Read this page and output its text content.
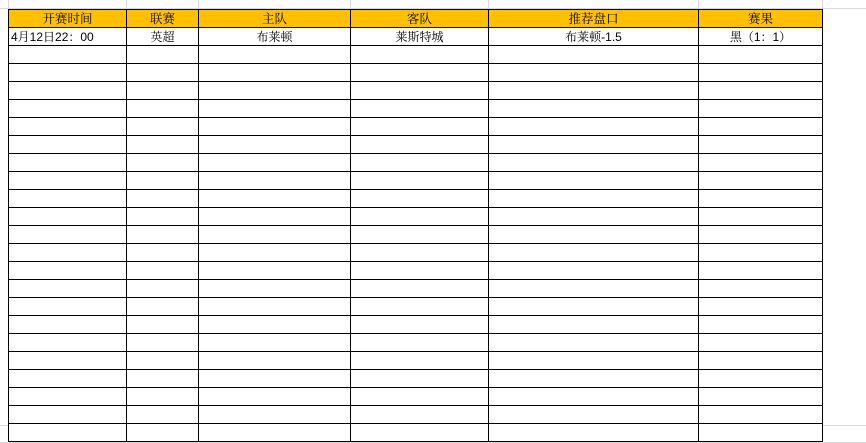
开赛时间	联赛	主队	客队	推荐盘口	赛果
4月12日22：00	英超	布莱顿	莱斯特城	布莱顿-1.5	黑（1：1）
